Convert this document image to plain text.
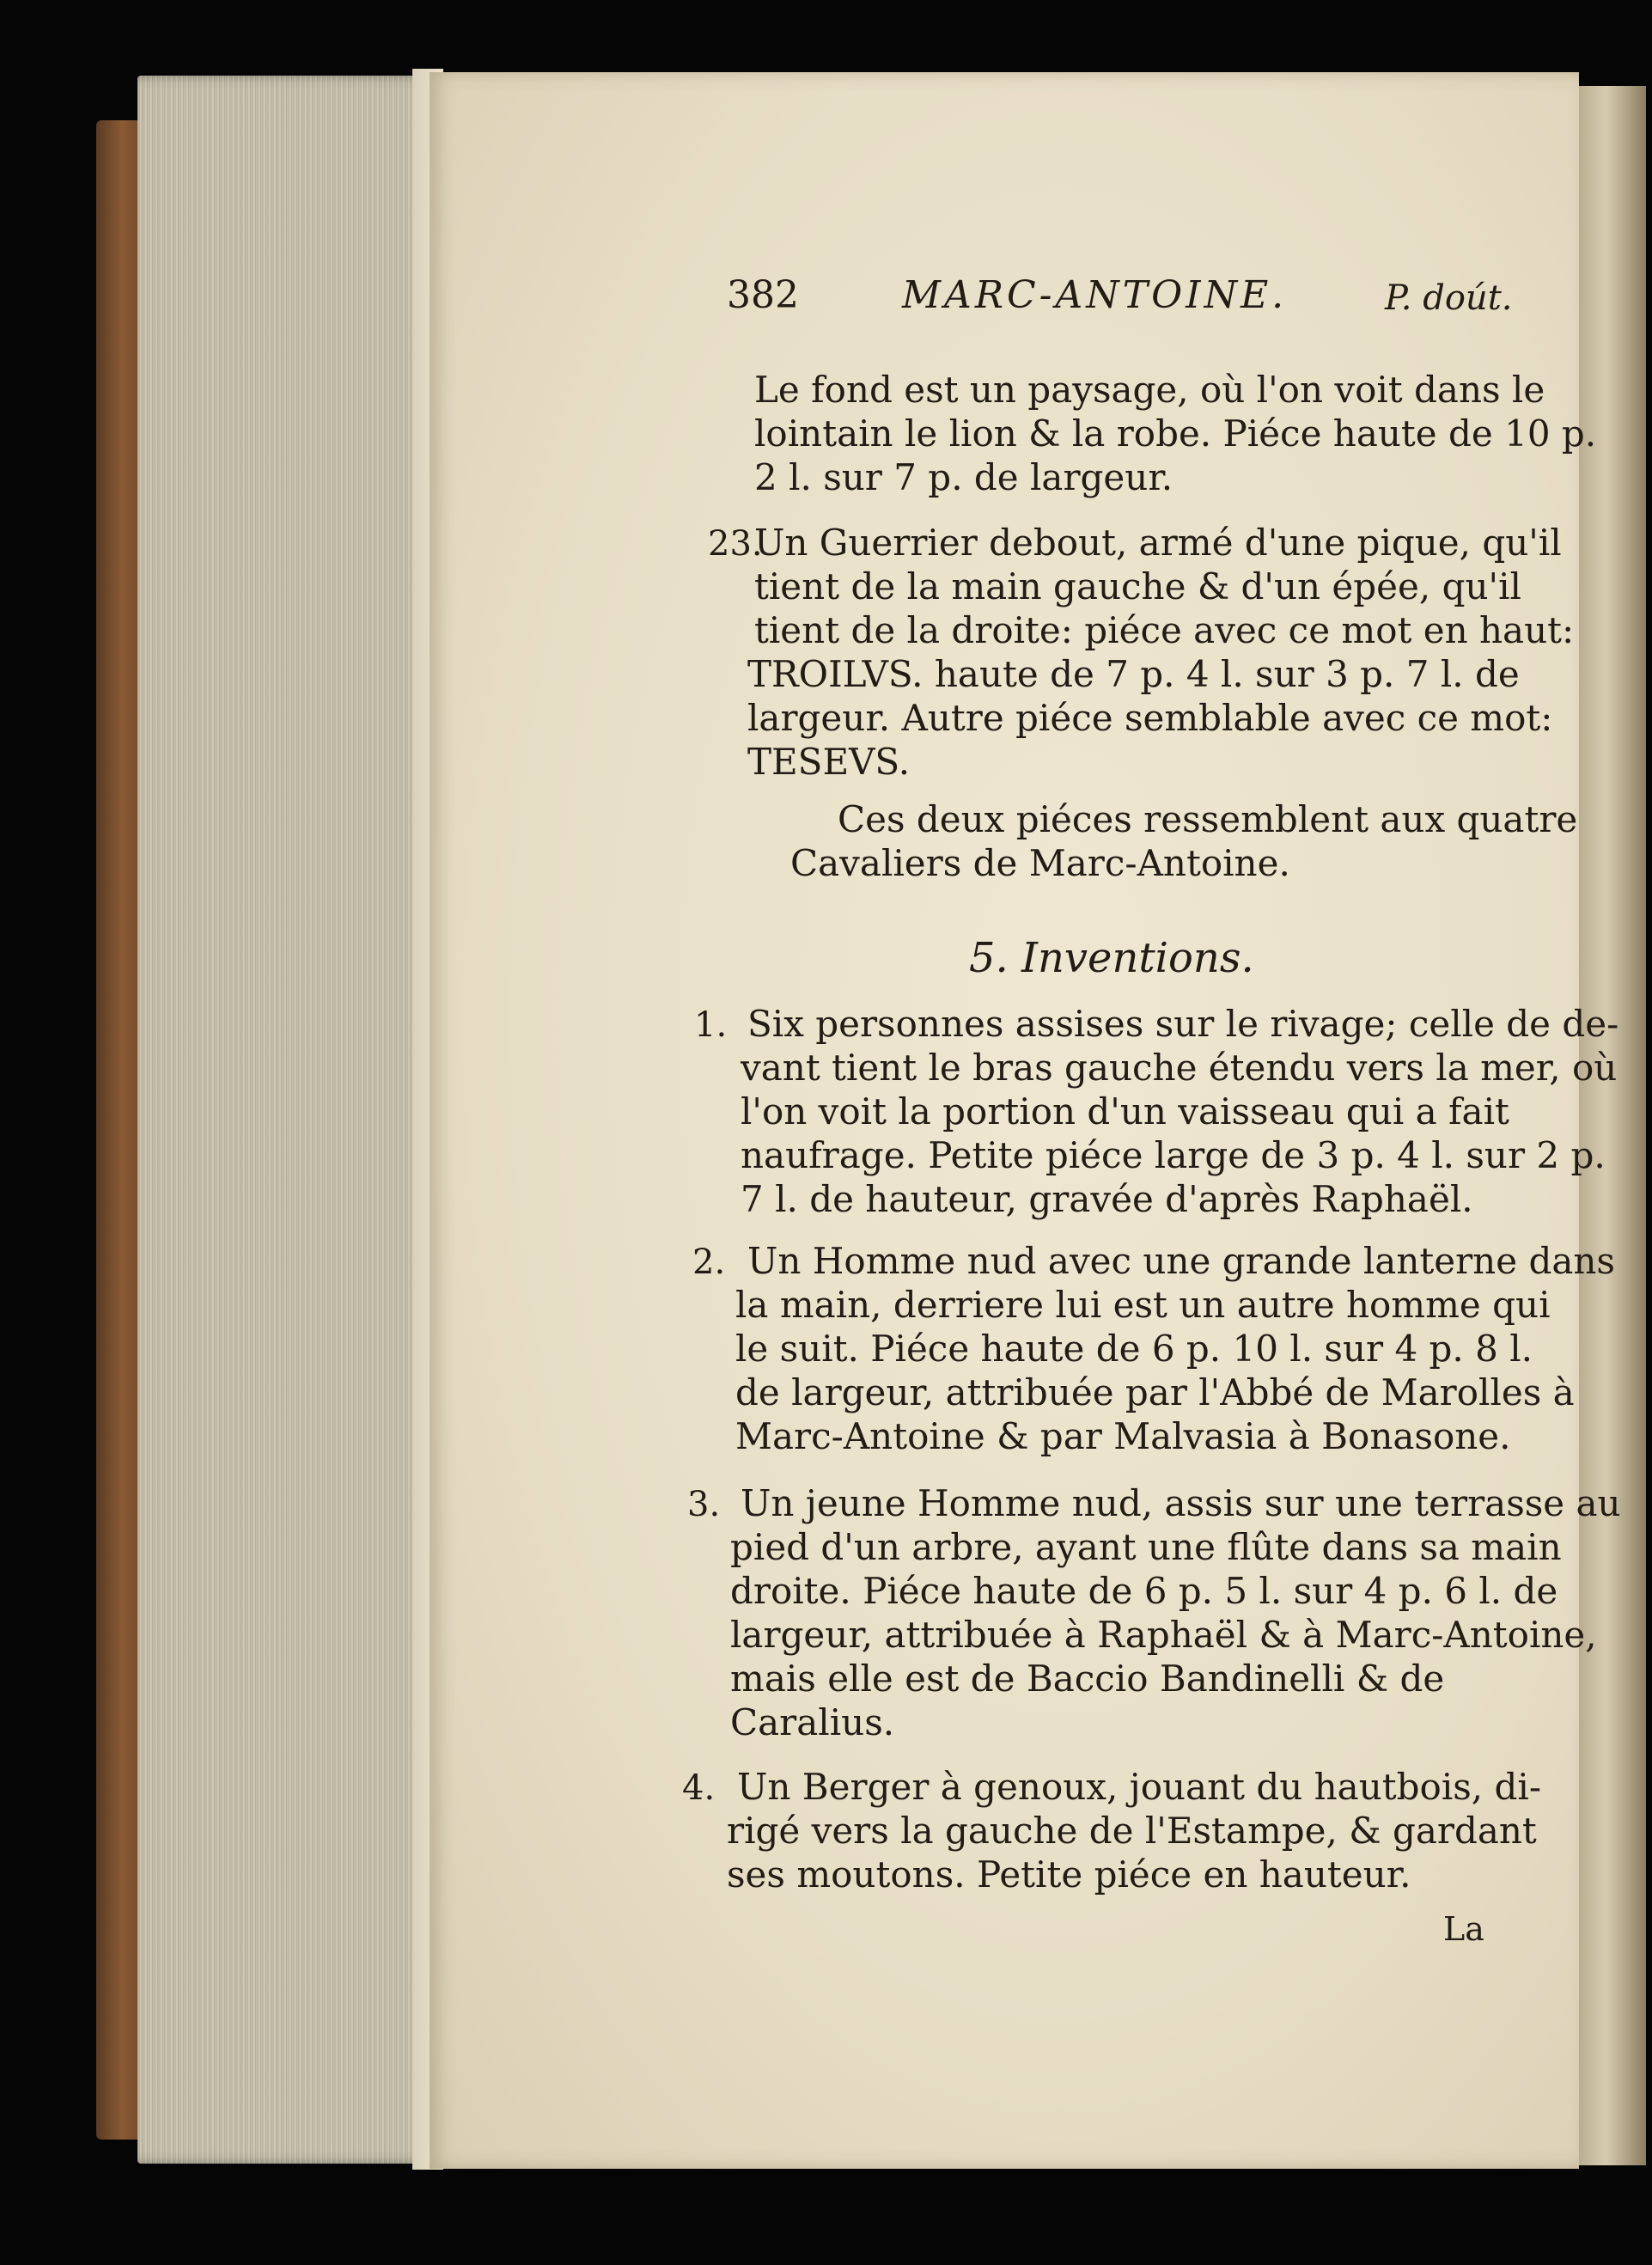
382	MARC-ANTOINE.	P. doút.
Le fond est un paysage, où l'on voit dans le
lointain le lion & la robe. Piéce haute de 10 p.
2 l. sur 7 p. de largeur.
23.
Un Guerrier debout, armé d'une pique, qu'il
tient de la main gauche & d'un épée, qu'il
tient de la droite: piéce avec ce mot en haut:
TROILVS. haute de 7 p. 4 l. sur 3 p. 7 l. de
largeur. Autre piéce semblable avec ce mot:
TESEVS.
Ces deux piéces ressemblent aux quatre
Cavaliers de Marc-Antoine.
5. Inventions.
1. Six personnes assises sur le rivage; celle de de-
vant tient le bras gauche étendu vers la mer, où
l'on voit la portion d'un vaisseau qui a fait
naufrage. Petite piéce large de 3 p. 4 l. sur 2 p.
7 l. de hauteur, gravée d'après Raphaël.
2. Un Homme nud avec une grande lanterne dans
la main, derriere lui est un autre homme qui
le suit. Piéce haute de 6 p. 10 l. sur 4 p. 8 l.
de largeur, attribuée par l'Abbé de Marolles à
Marc-Antoine & par Malvasia à Bonasone.
3. Un jeune Homme nud, assis sur une terrasse au
pied d'un arbre, ayant une flûte dans sa main
droite. Piéce haute de 6 p. 5 l. sur 4 p. 6 l. de
largeur, attribuée à Raphaël & à Marc-Antoine,
mais elle est de Baccio Bandinelli & de
Caralius.
4. Un Berger à genoux, jouant du hautbois, di-
rigé vers la gauche de l'Estampe, & gardant
ses moutons. Petite piéce en hauteur.
La
